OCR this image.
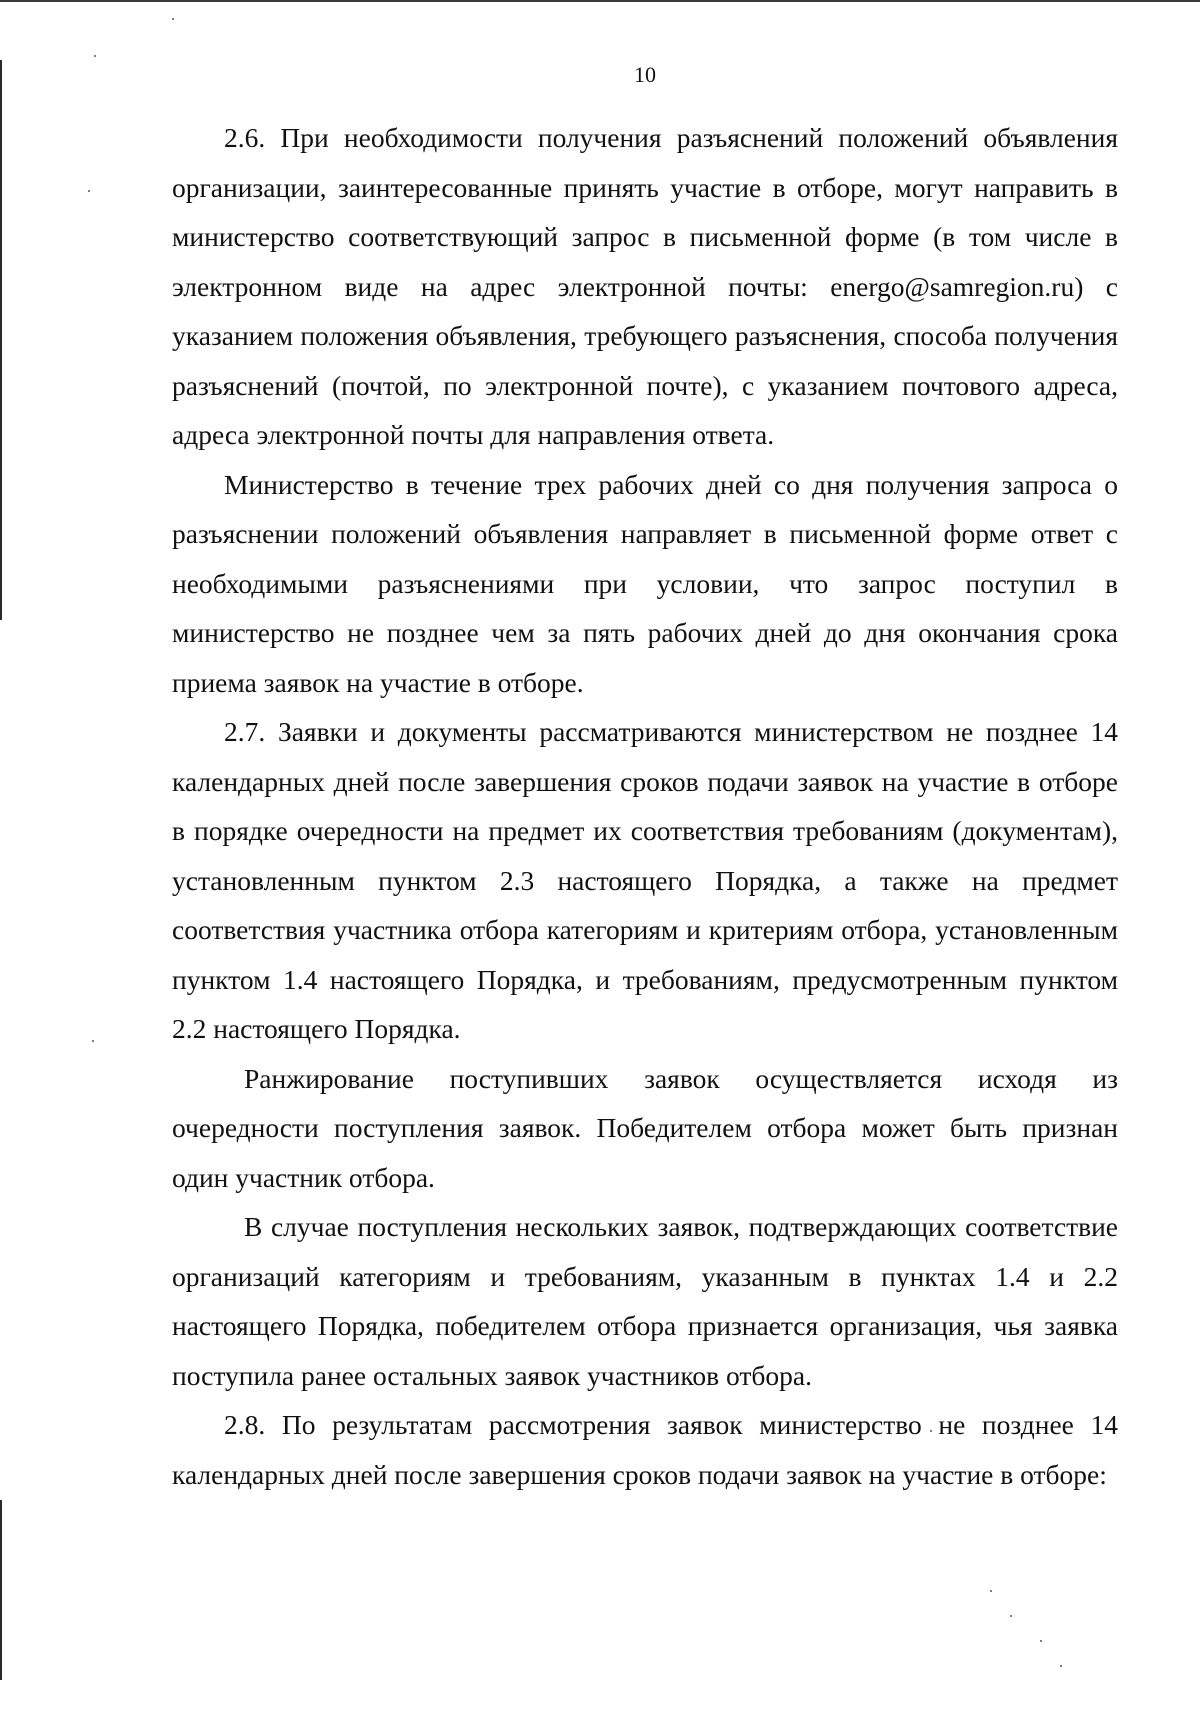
10

2.6. При необходимости получения разъяснений положений объявления организации, заинтересованные принять участие в отборе, могут направить в министерство соответствующий запрос в письменной форме (в том числе в электронном виде на адрес электронной почты: energo@samregion.ru) с указанием положения объявления, требующего разъяснения, способа получения разъяснений (почтой, по электронной почте), с указанием почтового адреса, адреса электронной почты для направления ответа.

Министерство в течение трех рабочих дней со дня получения запроса о разъяснении положений объявления направляет в письменной форме ответ с необходимыми разъяснениями при условии, что запрос поступил в министерство не позднее чем за пять рабочих дней до дня окончания срока приема заявок на участие в отборе.

2.7. Заявки и документы рассматриваются министерством не позднее 14 календарных дней после завершения сроков подачи заявок на участие в отборе в порядке очередности на предмет их соответствия требованиям (документам), установленным пунктом 2.3 настоящего Порядка, а также на предмет соответствия участника отбора категориям и критериям отбора, установленным пунктом 1.4 настоящего Порядка, и требованиям, предусмотренным пунктом 2.2 настоящего Порядка.

Ранжирование поступивших заявок осуществляется исходя из очередности поступления заявок. Победителем отбора может быть признан один участник отбора.

В случае поступления нескольких заявок, подтверждающих соответствие организаций категориям и требованиям, указанным в пунктах 1.4 и 2.2 настоящего Порядка, победителем отбора признается организация, чья заявка поступила ранее остальных заявок участников отбора.

2.8. По результатам рассмотрения заявок министерство не позднее 14 календарных дней после завершения сроков подачи заявок на участие в отборе:
